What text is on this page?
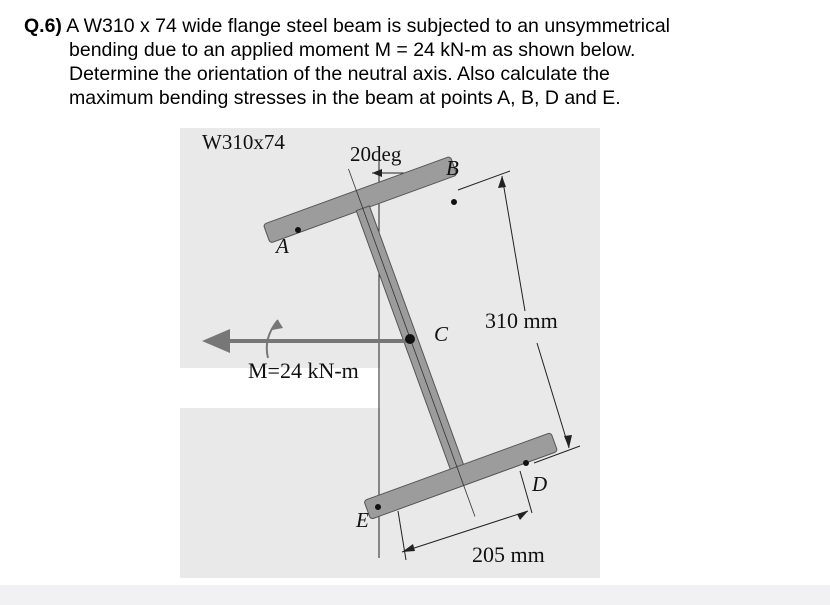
Q.6) A W310 x 74 wide flange steel beam is subjected to an unsymmetrical
bending due to an applied moment M = 24 kN-m as shown below.
Determine the orientation of the neutral axis. Also calculate the
maximum bending stresses in the beam at points A, B, D and E.
W310x74	20deg
A
B
C
D
E
310 mm
M=24 kN-m
205 mm
